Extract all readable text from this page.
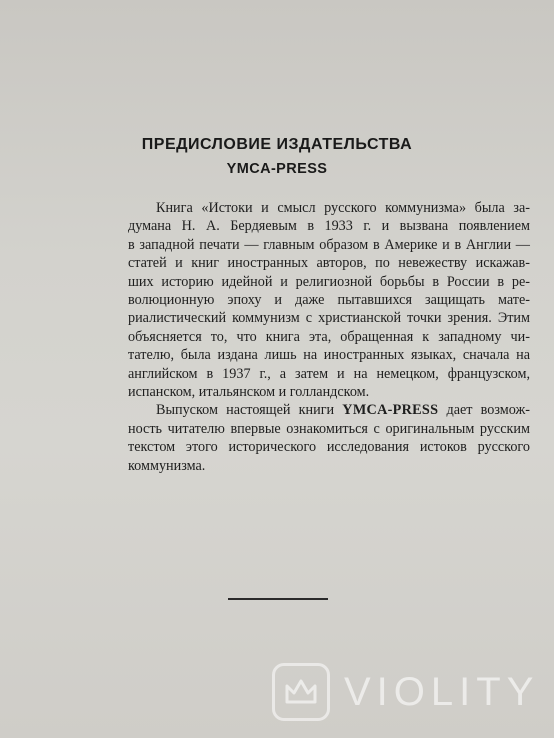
ПРЕДИСЛОВИЕ ИЗДАТЕЛЬСТВА
YMCA-PRESS

Книга «Истоки и смысл русского коммунизма» была за-
думана Н. А. Бердяевым в 1933 г. и вызвана появлением
в западной печати — главным образом в Америке и в Англии —
статей и книг иностранных авторов, по невежеству искажав-
ших историю идейной и религиозной борьбы в России в ре-
волюционную эпоху и даже пытавшихся защищать мате-
риалистический коммунизм с христианской точки зрения. Этим
объясняется то, что книга эта, обращенная к западному чи-
тателю, была издана лишь на иностранных языках, сначала на
английском в 1937 г., а затем и на немецком, французском,
испанском, итальянском и голландском.

Выпуском настоящей книги YMCA-PRESS дает возмож-
ность читателю впервые ознакомиться с оригинальным русским
текстом этого исторического исследования истоков русского
коммунизма.

VIOLITY
